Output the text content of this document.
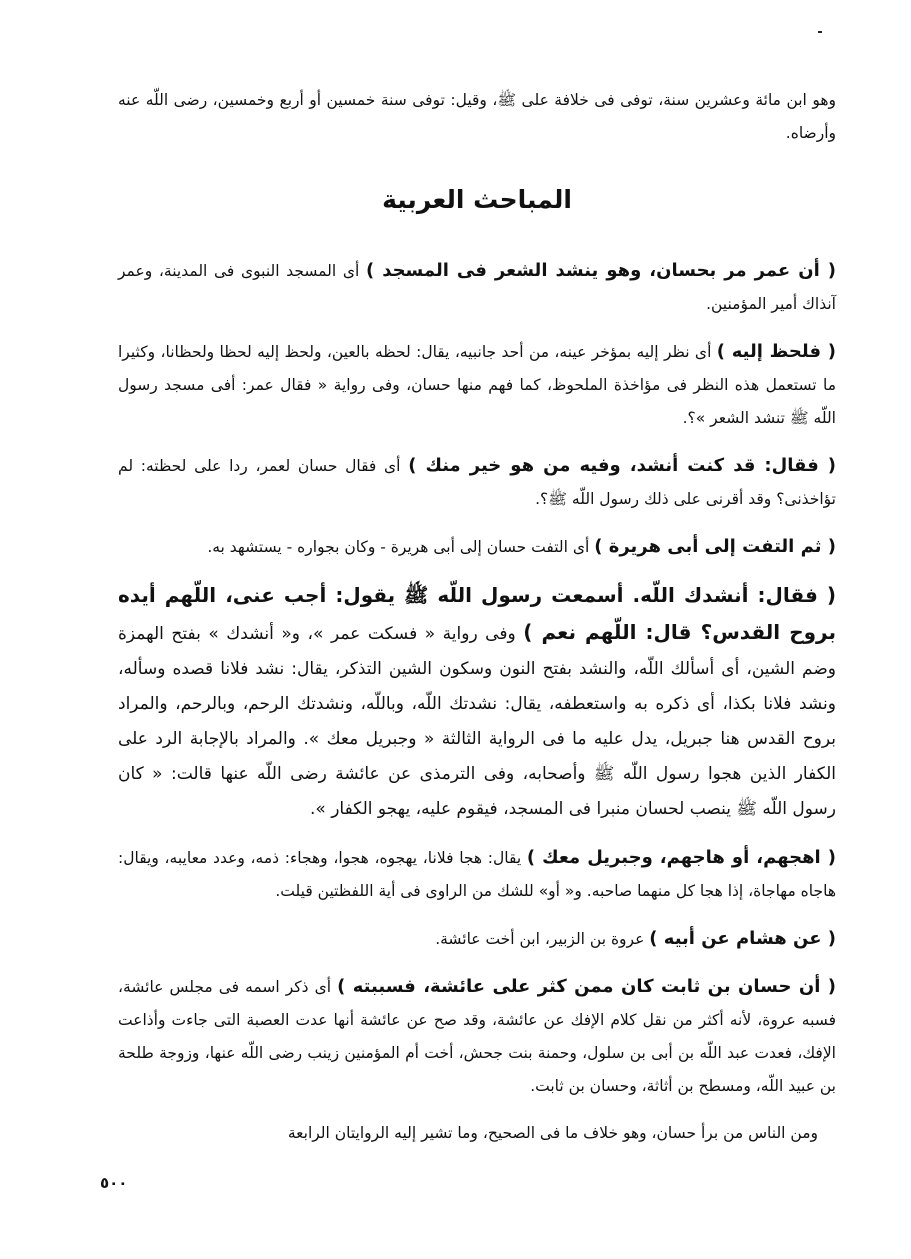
وهو ابن مائة وعشرين سنة، توفى فى خلافة على ﷺ، وقيل: توفى سنة خمسين أو أربع وخمسين، رضى اللّه عنه وأرضاه.

المباحث العربية

( أن عمر مر بحسان، وهو ينشد الشعر فى المسجد ) أى المسجد النبوى فى المدينة، وعمر آنذاك أمير المؤمنين.

( فلحظ إليه ) أى نظر إليه بمؤخر عينه، من أحد جانبيه، يقال: لحظه بالعين، ولحظ إليه لحظا ولحظانا، وكثيرا ما تستعمل هذه النظر فى مؤاخذة الملحوظ، كما فهم منها حسان، وفى رواية « فقال عمر: أفى مسجد رسول اللّه ﷺ تنشد الشعر »؟.

( فقال: قد كنت أنشد، وفيه من هو خير منك ) أى فقال حسان لعمر، ردا على لحظته: لم تؤاخذنى؟ وقد أقرنى على ذلك رسول اللّه ﷺ؟.

( ثم التفت إلى أبى هريرة ) أى التفت حسان إلى أبى هريرة - وكان بجواره - يستشهد به.

( فقال: أنشدك اللّه. أسمعت رسول اللّه ﷺ يقول: أجب عنى، اللّهم أيده بروح القدس؟ قال: اللّهم نعم ) وفى رواية « فسكت عمر »، و« أنشدك » بفتح الهمزة وضم الشين، أى أسألك اللّه، والنشد بفتح النون وسكون الشين التذكر، يقال: نشد فلانا قصده وسأله، ونشد فلانا بكذا، أى ذكره به واستعطفه، يقال: نشدتك اللّه، وباللّه، ونشدتك الرحم، وبالرحم، والمراد بروح القدس هنا جبريل، يدل عليه ما فى الرواية الثالثة « وجبريل معك ». والمراد بالإجابة الرد على الكفار الذين هجوا رسول اللّه ﷺ وأصحابه، وفى الترمذى عن عائشة رضى اللّه عنها قالت: « كان رسول اللّه ﷺ ينصب لحسان منبرا فى المسجد، فيقوم عليه، يهجو الكفار ».

( اهجهم، أو هاجهم، وجبريل معك ) يقال: هجا فلانا، يهجوه، هجوا، وهجاء: ذمه، وعدد معايبه، ويقال: هاجاه مهاجاة، إذا هجا كل منهما صاحبه. و« أو» للشك من الراوى فى أية اللفظتين قيلت.

( عن هشام عن أبيه ) عروة بن الزبير، ابن أخت عائشة.

( أن حسان بن ثابت كان ممن كثر على عائشة، فسببته ) أى ذكر اسمه فى مجلس عائشة، فسبه عروة، لأنه أكثر من نقل كلام الإفك عن عائشة، وقد صح عن عائشة أنها عدت العصبة التى جاءت وأذاعت الإفك، فعدت عبد اللّه بن أبى بن سلول، وحمنة بنت جحش، أخت أم المؤمنين زينب رضى اللّه عنها، وزوجة طلحة بن عبيد اللّه، ومسطح بن أثاثة، وحسان بن ثابت.

ومن الناس من برأ حسان، وهو خلاف ما فى الصحيح، وما تشير إليه الروايتان الرابعة

٥٠٠
